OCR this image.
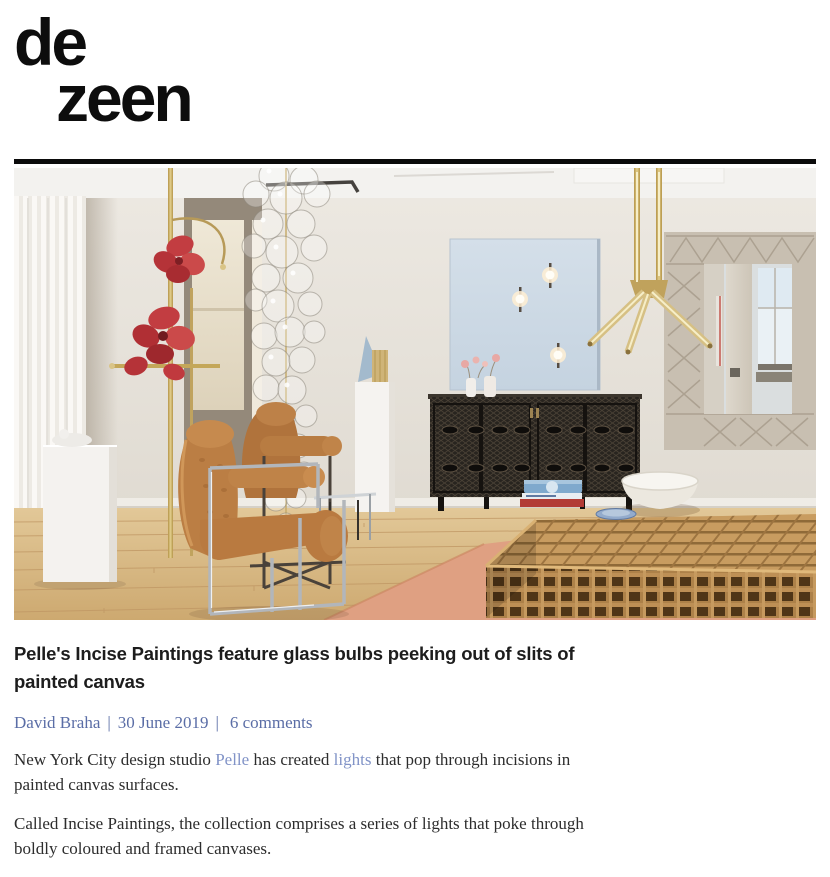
de
zeen
Pelle's Incise Paintings feature glass bulbs peeking out of slits of painted canvas
David Braha | 30 June 2019 | 6 comments

New York City design studio Pelle has created lights that pop through incisions in painted canvas surfaces.

Called Incise Paintings, the collection comprises a series of lights that poke through boldly coloured and framed canvases.
